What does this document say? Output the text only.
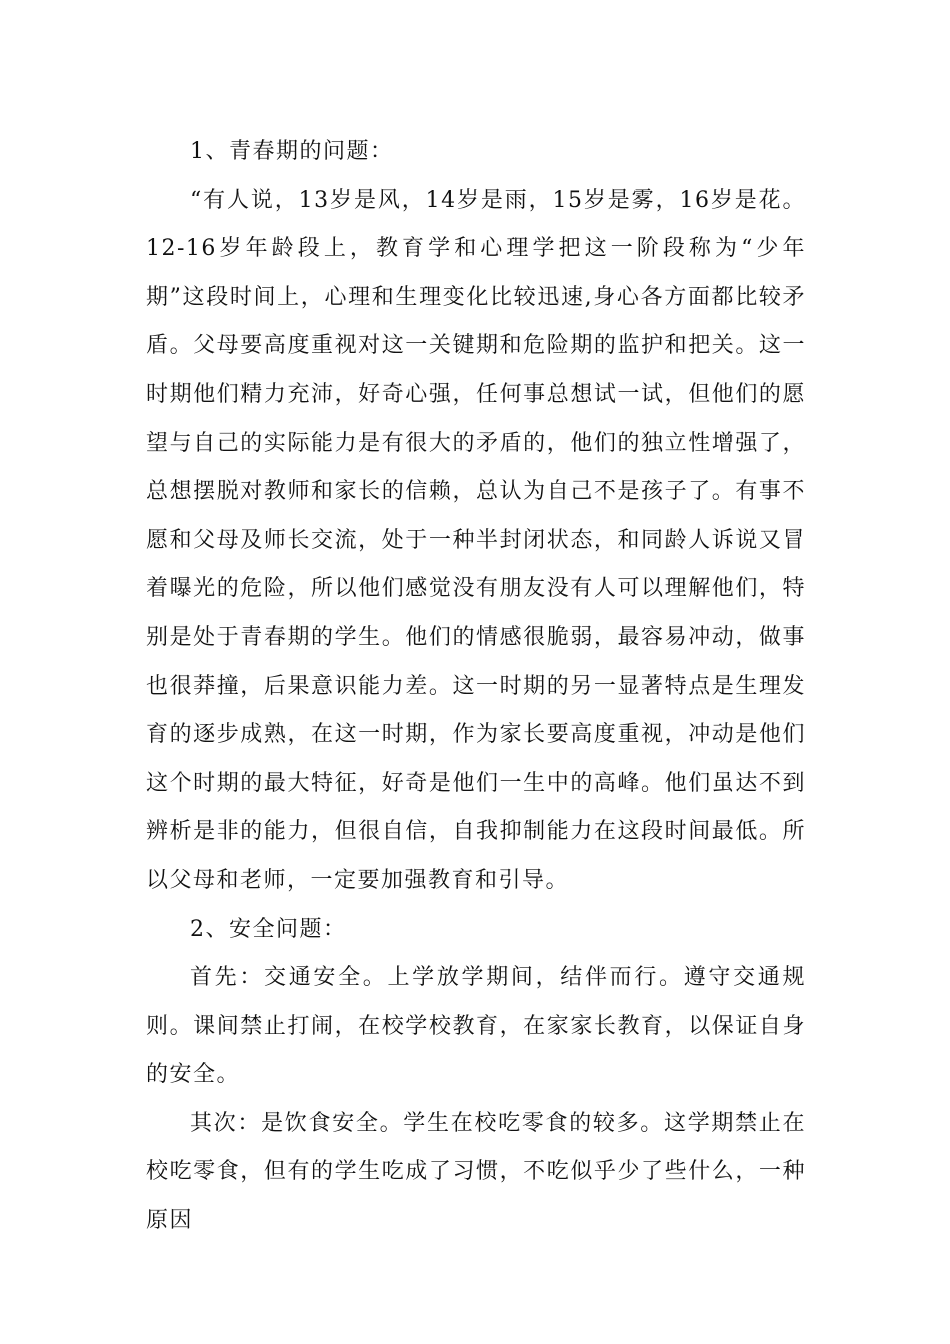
1、青春期的问题：

“有人说，13岁是风，14岁是雨，15岁是雾，16岁是花。12-16岁年龄段上，教育学和心理学把这一阶段称为“少年期”这段时间上，心理和生理变化比较迅速,身心各方面都比较矛盾。父母要高度重视对这一关键期和危险期的监护和把关。这一时期他们精力充沛，好奇心强，任何事总想试一试，但他们的愿望与自己的实际能力是有很大的矛盾的，他们的独立性增强了，总想摆脱对教师和家长的信赖，总认为自己不是孩子了。有事不愿和父母及师长交流，处于一种半封闭状态，和同龄人诉说又冒着曝光的危险，所以他们感觉没有朋友没有人可以理解他们，特别是处于青春期的学生。他们的情感很脆弱，最容易冲动，做事也很莽撞，后果意识能力差。这一时期的另一显著特点是生理发育的逐步成熟，在这一时期，作为家长要高度重视，冲动是他们这个时期的最大特征，好奇是他们一生中的高峰。他们虽达不到辨析是非的能力，但很自信，自我抑制能力在这段时间最低。所以父母和老师，一定要加强教育和引导。

2、安全问题：

首先：交通安全。上学放学期间，结伴而行。遵守交通规则。课间禁止打闹，在校学校教育，在家家长教育，以保证自身的安全。

其次：是饮食安全。学生在校吃零食的较多。这学期禁止在校吃零食，但有的学生吃成了习惯，不吃似乎少了些什么，一种原因
